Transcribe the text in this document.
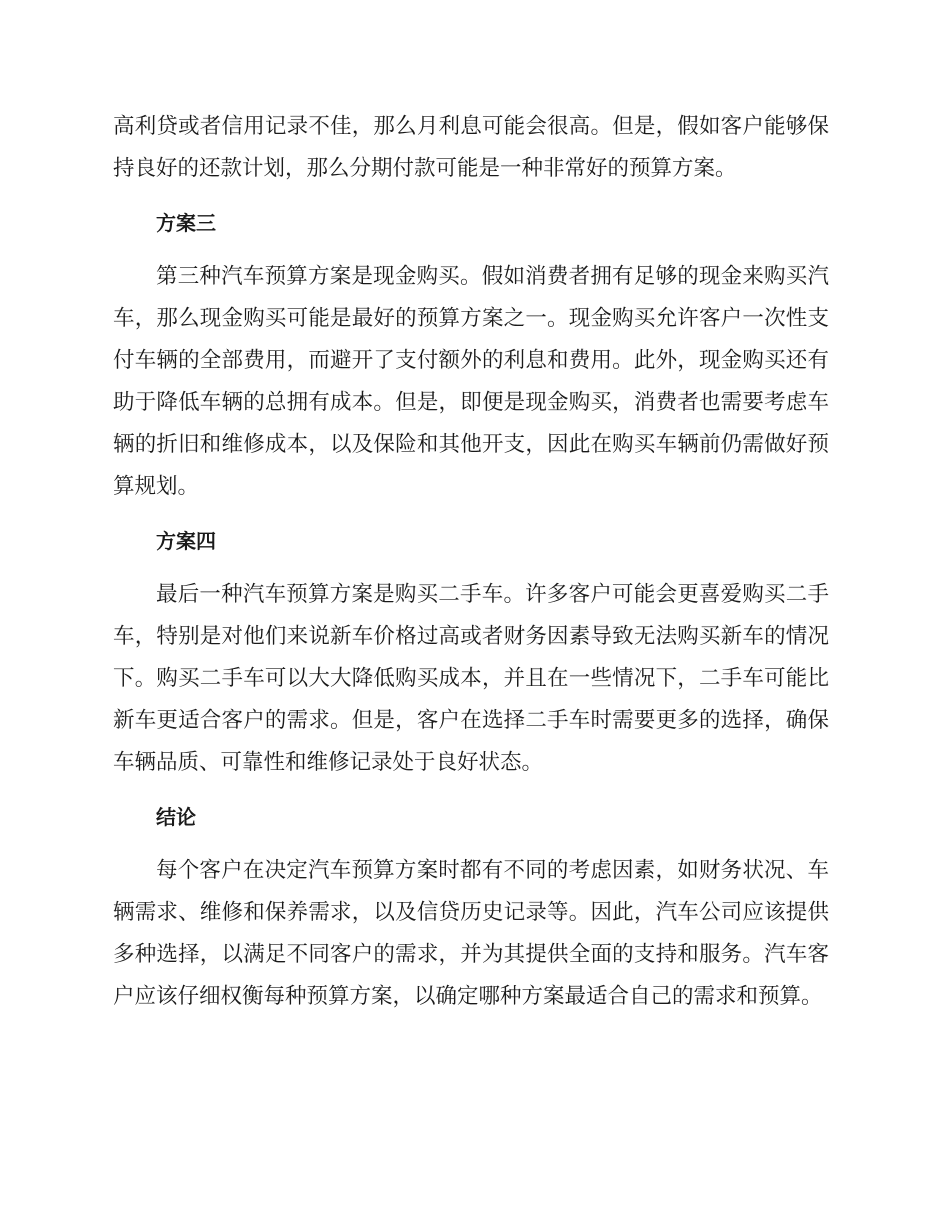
高利贷或者信用记录不佳，那么月利息可能会很高。但是，假如客户能够保持良好的还款计划，那么分期付款可能是一种非常好的预算方案。

方案三

第三种汽车预算方案是现金购买。假如消费者拥有足够的现金来购买汽车，那么现金购买可能是最好的预算方案之一。现金购买允许客户一次性支付车辆的全部费用，而避开了支付额外的利息和费用。此外，现金购买还有助于降低车辆的总拥有成本。但是，即便是现金购买，消费者也需要考虑车辆的折旧和维修成本，以及保险和其他开支，因此在购买车辆前仍需做好预算规划。

方案四

最后一种汽车预算方案是购买二手车。许多客户可能会更喜爱购买二手车，特别是对他们来说新车价格过高或者财务因素导致无法购买新车的情况下。购买二手车可以大大降低购买成本，并且在一些情况下，二手车可能比新车更适合客户的需求。但是，客户在选择二手车时需要更多的选择，确保车辆品质、可靠性和维修记录处于良好状态。

结论

每个客户在决定汽车预算方案时都有不同的考虑因素，如财务状况、车辆需求、维修和保养需求，以及信贷历史记录等。因此，汽车公司应该提供多种选择，以满足不同客户的需求，并为其提供全面的支持和服务。汽车客户应该仔细权衡每种预算方案，以确定哪种方案最适合自己的需求和预算。
